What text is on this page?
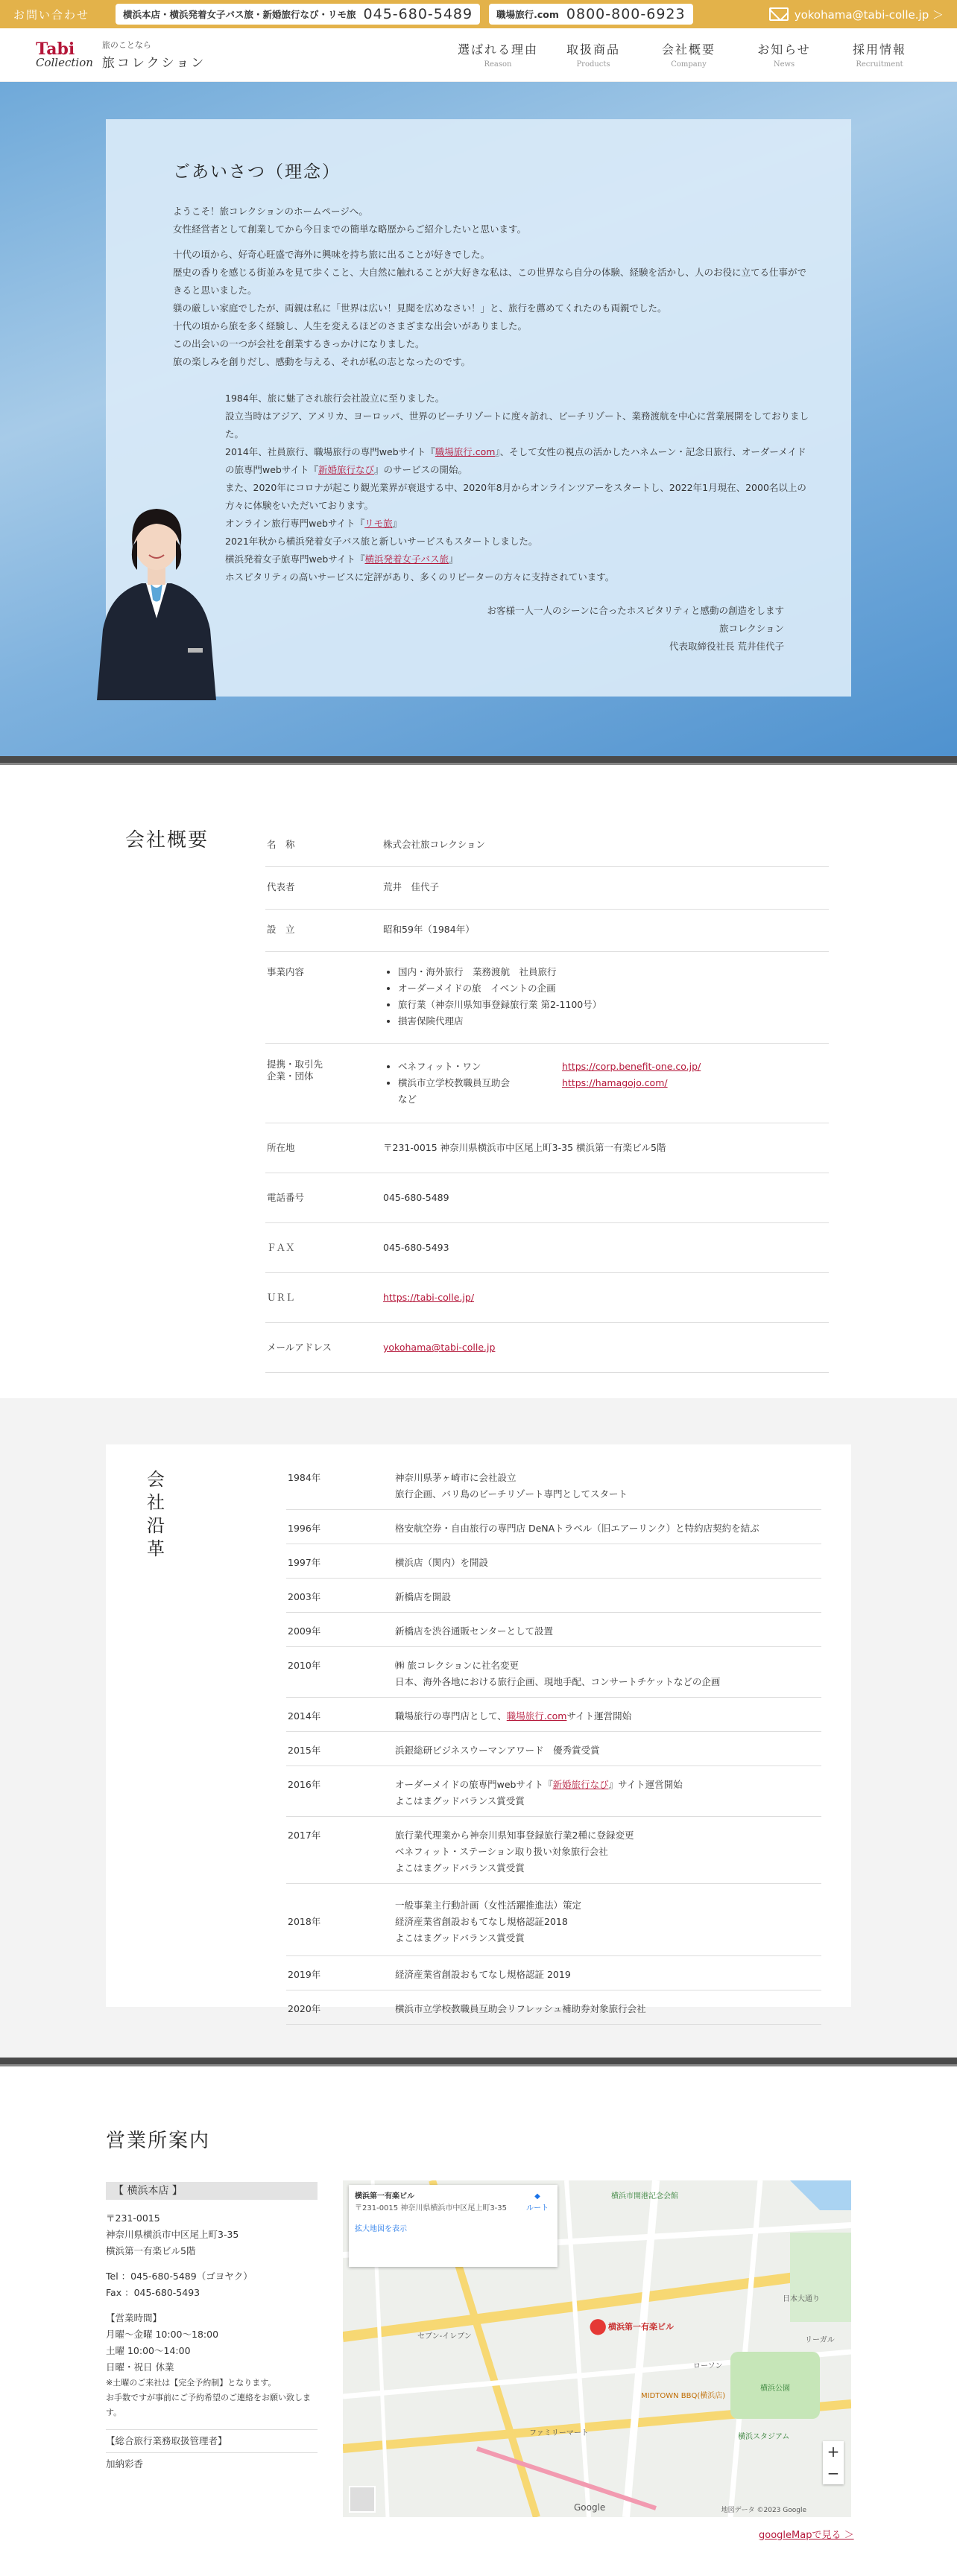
お問い合わせ	横浜本店・横浜発着女子バス旅・新婚旅行なび・リモ旅 045-680-5489	職場旅行.com 0800-800-6923	yokohama@tabi-colle.jp ＞
Tabi
Collection
旅のことなら
旅コレクション
選ばれる理由
Reason
取扱商品
Products
会社概要
Company
お知らせ
News
採用情報
Recruitment
ごあいさつ（理念）

ようこそ！旅コレクションのホームページへ。
女性経営者として創業してから今日までの簡単な略歴からご紹介したいと思います。

十代の頃から、好奇心旺盛で海外に興味を持ち旅に出ることが好きでした。
歴史の香りを感じる街並みを見て歩くこと、大自然に触れることが大好きな私は、この世界なら自分の体験、経験を活かし、人のお役に立てる仕事ができると思いました。
躾の厳しい家庭でしたが、両親は私に「世界は広い！見聞を広めなさい！」と、旅行を薦めてくれたのも両親でした。
十代の頃から旅を多く経験し、人生を変えるほどのさまざまな出会いがありました。
この出会いの一つが会社を創業するきっかけになりました。
旅の楽しみを創りだし、感動を与える、それが私の志となったのです。

1984年、旅に魅了され旅行会社設立に至りました。
設立当時はアジア、アメリカ、ヨーロッパ、世界のビーチリゾートに度々訪れ、ビーチリゾート、業務渡航を中心に営業展開をしておりました。
2014年、社員旅行、職場旅行の専門webサイト『職場旅行.com』、そして女性の視点の活かしたハネムーン・記念日旅行、オーダーメイドの旅専門webサイト『新婚旅行なび』のサービスの開始。
また、2020年にコロナが起こり観光業界が衰退する中、2020年8月からオンラインツアーをスタートし、2022年1月現在、2000名以上の方々に体験をいただいております。
オンライン旅行専門webサイト『リモ旅』
2021年秋から横浜発着女子バス旅と新しいサービスもスタートしました。
横浜発着女子旅専門webサイト『横浜発着女子バス旅』
ホスピタリティの高いサービスに定評があり、多くのリピーターの方々に支持されています。
お客様一人一人のシーンに合ったホスピタリティと感動の創造をします
旅コレクション
代表取締役社長 荒井佳代子
会社概要	名　称	株式会社旅コレクション
代表者	荒井　佳代子
設　立	昭和59年（1984年）
事業内容
•	国内・海外旅行　業務渡航　社員旅行
• オーダーメイドの旅　イベントの企画
• 旅行業（神奈川県知事登録旅行業 第2-1100号）
• 損害保険代理店
提携・取引先
企業・団体
• ベネフィット・ワン	https://corp.benefit-one.co.jp/
• 横浜市立学校教職員互助会	https://hamagojo.com/
など
所在地	〒231-0015 神奈川県横浜市中区尾上町3-35 横浜第一有楽ビル5階
電話番号	045-680-5489
ＦＡＸ	045-680-5493
ＵＲＬ	https://tabi-colle.jp/
メールアドレス	yokohama@tabi-colle.jp
会社沿革
1984年	神奈川県茅ヶ崎市に会社設立
旅行企画、バリ島のビーチリゾート専門としてスタート
1996年	格安航空券・自由旅行の専門店 DeNAトラベル（旧エアーリンク）と特約店契約を結ぶ
1997年	横浜店（関内）を開設
2003年	新橋店を開設
2009年	新橋店を渋谷通販センターとして設置
2010年	㈱ 旅コレクションに社名変更
日本、海外各地における旅行企画、現地手配、コンサートチケットなどの企画
2014年	職場旅行の専門店として、職場旅行.comサイト運営開始
2015年	浜銀総研ビジネスウーマンアワード　優秀賞受賞
2016年	オーダーメイドの旅専門webサイト『新婚旅行なび』サイト運営開始
よこはまグッドバランス賞受賞
2017年	旅行業代理業から神奈川県知事登録旅行業2種に登録変更
ベネフィット・ステーション取り扱い対象旅行会社
よこはまグッドバランス賞受賞
2018年
一般事業主行動計画（女性活躍推進法）策定
経済産業省創設おもてなし規格認証2018
よこはまグッドバランス賞受賞
2019年	経済産業省創設おもてなし規格認証 2019
2020年	横浜市立学校教職員互助会リフレッシュ補助券対象旅行会社
営業所案内
【 横浜本店 】
〒231-0015
神奈川県横浜市中区尾上町3-35
横浜第一有楽ビル5階
Tel ：045-680-5489（ゴヨヤク）
Fax ：045-680-5493
【営業時間】
月曜〜金曜 10:00〜18:00
土曜 10:00〜14:00
日曜・祝日 休業
※土曜のご来社は【完全予約制】となります。
お手数ですが事前にご予約希望のご連絡をお願い致します。
【総合旅行業務取扱管理者】
加納彩香
横浜第一有楽ビル
〒231-0015 神奈川県横浜市中区尾上町3-35
拡大地図を表示
◆
ルート
● 横浜第一有楽ビル
横浜市開港記念会館
横浜スタジアム
MIDTOWN BBQ(横浜店)
ファミリーマート
セブン-イレブン
ローソン
リーガル
横浜公園
日本大通り
+
−
Google	地図データ ©2023 Google
googleMapで見る ＞
